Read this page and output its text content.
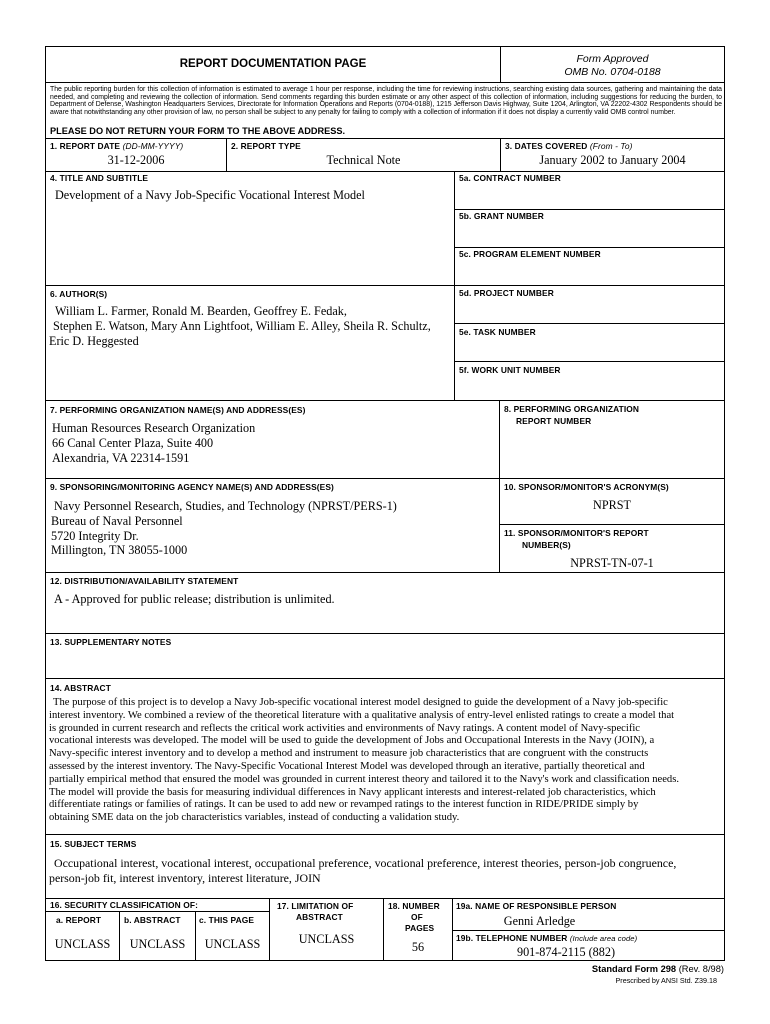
REPORT DOCUMENTATION PAGE	Form Approved
OMB No. 0704-0188
The public reporting burden for this collection of information is estimated to average 1 hour per response, including the time for reviewing instructions, searching existing data sources, gathering and maintaining the data needed, and completing and reviewing the collection of information. Send comments regarding this burden estimate or any other aspect of this collection of information, including suggestions for reducing the burden, to Department of Defense, Washington Headquarters Services, Directorate for Information Operations and Reports (0704-0188), 1215 Jefferson Davis Highway, Suite 1204, Arlington, VA 22202-4302 Respondents should be aware that notwithstanding any other provision of law, no person shall be subject to any penalty for failing to comply with a collection of information if it does not display a currently valid OMB control number.
PLEASE DO NOT RETURN YOUR FORM TO THE ABOVE ADDRESS.
1. REPORT DATE (DD-MM-YYYY)
31-12-2006
2. REPORT TYPE
Technical Note
3. DATES COVERED (From - To)
January 2002 to January 2004
4. TITLE AND SUBTITLE
Development of a Navy Job-Specific Vocational Interest Model
6. AUTHOR(S)
William L. Farmer, Ronald M. Bearden, Geoffrey E. Fedak,
Stephen E. Watson, Mary Ann Lightfoot, William E. Alley, Sheila R. Schultz,
Eric D. Heggested
5a. CONTRACT NUMBER
5b. GRANT NUMBER
5c. PROGRAM ELEMENT NUMBER
5d. PROJECT NUMBER
5e. TASK NUMBER
5f. WORK UNIT NUMBER
7. PERFORMING ORGANIZATION NAME(S) AND ADDRESS(ES)
Human Resources Research Organization
66 Canal Center Plaza, Suite 400
Alexandria, VA 22314-1591
8. PERFORMING ORGANIZATION
REPORT NUMBER
9. SPONSORING/MONITORING AGENCY NAME(S) AND ADDRESS(ES)
Navy Personnel Research, Studies, and Technology (NPRST/PERS-1)
Bureau of Naval Personnel
5720 Integrity Dr.
Millington, TN 38055-1000
10. SPONSOR/MONITOR'S ACRONYM(S)
NPRST
11. SPONSOR/MONITOR'S REPORT
NUMBER(S)
NPRST-TN-07-1
12. DISTRIBUTION/AVAILABILITY STATEMENT
A - Approved for public release; distribution is unlimited.
13. SUPPLEMENTARY NOTES
14. ABSTRACT
The purpose of this project is to develop a Navy Job-specific vocational interest model designed to guide the development of a Navy job-specific
interest inventory. We combined a review of the theoretical literature with a qualitative analysis of entry-level enlisted ratings to create a model that
is grounded in current research and reflects the critical work activities and environments of Navy ratings. A content model of Navy-specific
vocational interests was developed. The model will be used to guide the development of Jobs and Occupational Interests in the Navy (JOIN), a
Navy-specific interest inventory and to develop a method and instrument to measure job characteristics that are congruent with the constructs
assessed by the interest inventory. The Navy-Specific Vocational Interest Model was developed through an iterative, partially theoretical and
partially empirical method that ensured the model was grounded in current interest theory and tailored it to the Navy's work and classification needs.
The model will provide the basis for measuring individual differences in Navy applicant interests and interest-related job characteristics, which
differentiate ratings or families of ratings. It can be used to add new or revamped ratings to the interest function in RIDE/PRIDE simply by
obtaining SME data on the job characteristics variables, instead of conducting a validation study.
15. SUBJECT TERMS
Occupational interest, vocational interest, occupational preference, vocational preference, interest theories, person-job congruence,
person-job fit, interest inventory, interest literature, JOIN
16. SECURITY CLASSIFICATION OF:
a. REPORT
UNCLASS
b. ABSTRACT
UNCLASS
c. THIS PAGE
UNCLASS
17. LIMITATION OF
ABSTRACT
UNCLASS
18. NUMBER
OF
PAGES
56
19a. NAME OF RESPONSIBLE PERSON
Genni Arledge
19b. TELEPHONE NUMBER (Include area code)
901-874-2115 (882)
Standard Form 298 (Rev. 8/98)
Prescribed by ANSI Std. Z39.18
